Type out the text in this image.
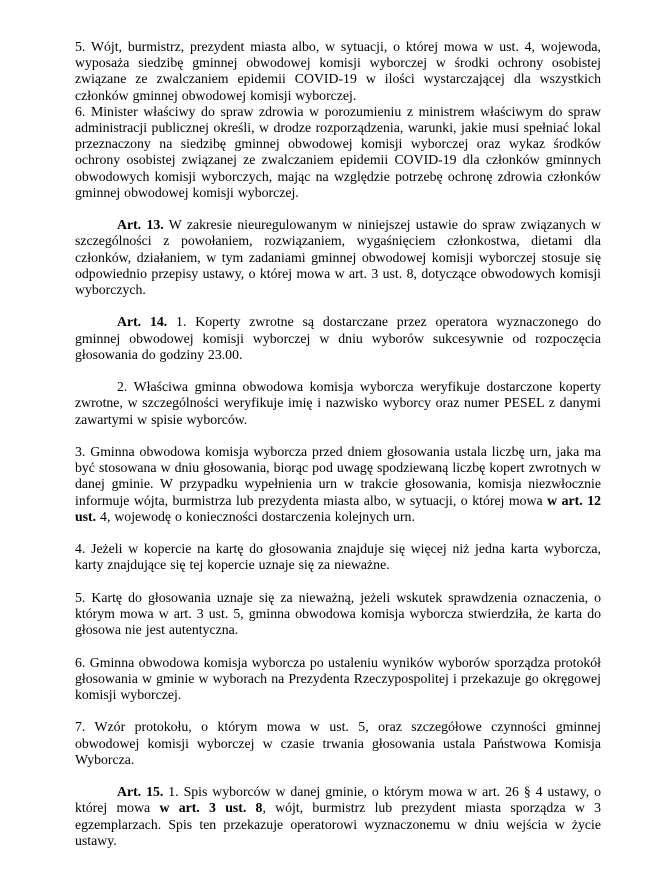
5. Wójt, burmistrz, prezydent miasta albo, w sytuacji, o której mowa w ust. 4, wojewoda, wyposaża siedzibę gminnej obwodowej komisji wyborczej w środki ochrony osobistej związane ze zwalczaniem epidemii COVID-19 w ilości wystarczającej dla wszystkich członków gminnej obwodowej komisji wyborczej.

6. Minister właściwy do spraw zdrowia w porozumieniu z ministrem właściwym do spraw administracji publicznej określi, w drodze rozporządzenia, warunki, jakie musi spełniać lokal przeznaczony na siedzibę gminnej obwodowej komisji wyborczej oraz wykaz środków ochrony osobistej związanej ze zwalczaniem epidemii COVID-19 dla członków gminnych obwodowych komisji wyborczych, mając na względzie potrzebę ochronę zdrowia członków gminnej obwodowej komisji wyborczej.

Art. 13. W zakresie nieuregulowanym w niniejszej ustawie do spraw związanych w szczególności z powołaniem, rozwiązaniem, wygaśnięciem członkostwa, dietami dla członków, działaniem, w tym zadaniami gminnej obwodowej komisji wyborczej stosuje się odpowiednio przepisy ustawy, o której mowa w art. 3 ust. 8, dotyczące obwodowych komisji wyborczych.

Art. 14. 1. Koperty zwrotne są dostarczane przez operatora wyznaczonego do gminnej obwodowej komisji wyborczej w dniu wyborów sukcesywnie od rozpoczęcia głosowania do godziny 23.00.

2. Właściwa gminna obwodowa komisja wyborcza weryfikuje dostarczone koperty zwrotne, w szczególności weryfikuje imię i nazwisko wyborcy oraz numer PESEL z danymi zawartymi w spisie wyborców.

3. Gminna obwodowa komisja wyborcza przed dniem głosowania ustala liczbę urn, jaka ma być stosowana w dniu głosowania, biorąc pod uwagę spodziewaną liczbę kopert zwrotnych w danej gminie. W przypadku wypełnienia urn w trakcie głosowania, komisja niezwłocznie informuje wójta, burmistrza lub prezydenta miasta albo, w sytuacji, o której mowa w art. 12 ust. 4, wojewodę o konieczności dostarczenia kolejnych urn.

4. Jeżeli w kopercie na kartę do głosowania znajduje się więcej niż jedna karta wyborcza, karty znajdujące się tej kopercie uznaje się za nieważne.

5. Kartę do głosowania uznaje się za nieważną, jeżeli wskutek sprawdzenia oznaczenia, o którym mowa w art. 3 ust. 5, gminna obwodowa komisja wyborcza stwierdziła, że karta do głosowa nie jest autentyczna.

6. Gminna obwodowa komisja wyborcza po ustaleniu wyników wyborów sporządza protokół głosowania w gminie w wyborach na Prezydenta Rzeczypospolitej i przekazuje go okręgowej komisji wyborczej.

7. Wzór protokołu, o którym mowa w ust. 5, oraz szczegółowe czynności gminnej obwodowej komisji wyborczej w czasie trwania głosowania ustala Państwowa Komisja Wyborcza.

Art. 15. 1. Spis wyborców w danej gminie, o którym mowa w art. 26 § 4 ustawy, o której mowa w art. 3 ust. 8, wójt, burmistrz lub prezydent miasta sporządza w 3 egzemplarzach. Spis ten przekazuje operatorowi wyznaczonemu w dniu wejścia w życie ustawy.
